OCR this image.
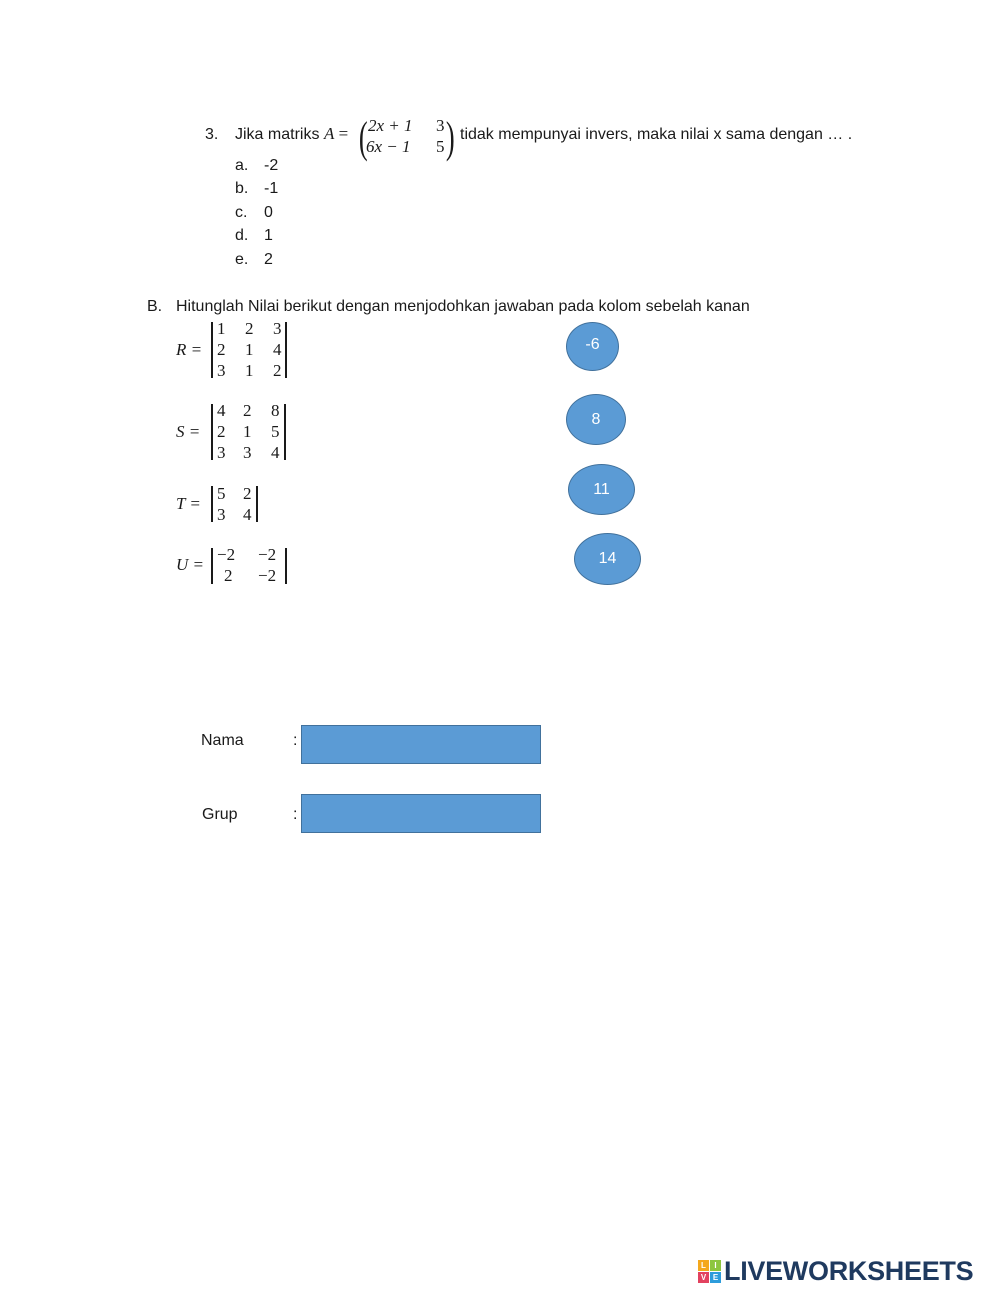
3. Jika matriks A = ( 2x + 1 3
6x − 1 5 ) tidak mempunyai invers, maka nilai x sama dengan … .
a. -2
b. -1
c. 0
d. 1
e. 2
B. Hitunglah Nilai berikut dengan menjodohkan jawaban pada kolom sebelah kanan
R =
1 2 3
2 1 4
3 1 2
S =
4 2 8
2 1 5
3 3 4
T =
5 2
3 4
U =
−2 −2
2 −2
-6
8
11
14
Nama	:
Grup	:
L	I
V E LIVEWORKSHEETS
